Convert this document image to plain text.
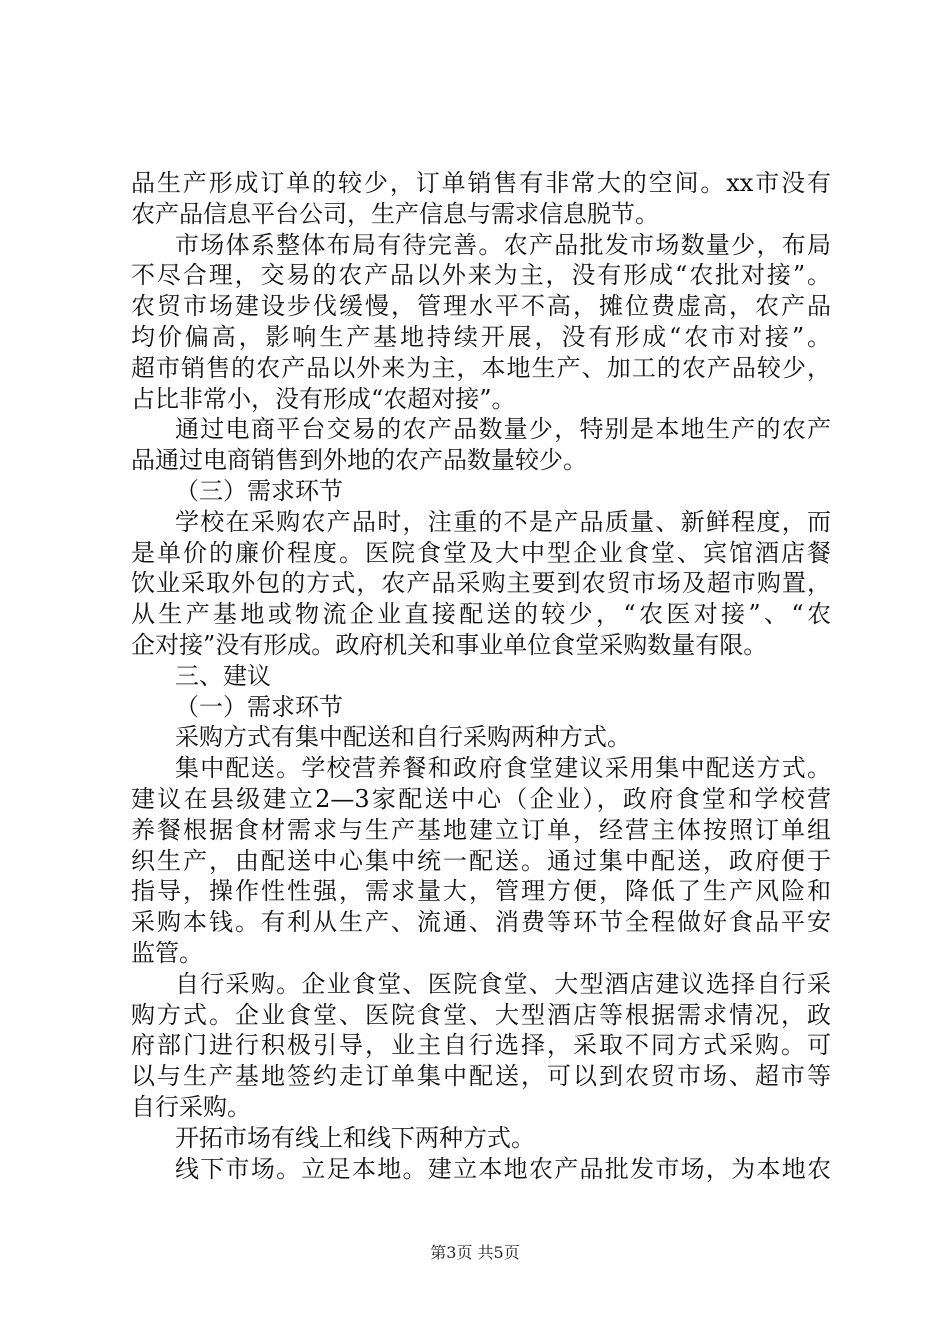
品生产形成订单的较少，订单销售有非常大的空间。xx市没有
农产品信息平台公司，生产信息与需求信息脱节。
市场体系整体布局有待完善。农产品批发市场数量少，布局
不尽合理，交易的农产品以外来为主，没有形成“农批对接”。
农贸市场建设步伐缓慢，管理水平不高，摊位费虚高，农产品
均价偏高，影响生产基地持续开展，没有形成“农市对接”。
超市销售的农产品以外来为主，本地生产、加工的农产品较少，
占比非常小，没有形成“农超对接”。
通过电商平台交易的农产品数量少，特别是本地生产的农产
品通过电商销售到外地的农产品数量较少。
（三）需求环节
学校在采购农产品时，注重的不是产品质量、新鲜程度，而
是单价的廉价程度。医院食堂及大中型企业食堂、宾馆酒店餐
饮业采取外包的方式，农产品采购主要到农贸市场及超市购置，
从生产基地或物流企业直接配送的较少，“农医对接”、“农
企对接”没有形成。政府机关和事业单位食堂采购数量有限。
三、建议
（一）需求环节
采购方式有集中配送和自行采购两种方式。
集中配送。学校营养餐和政府食堂建议采用集中配送方式。
建议在县级建立2—3家配送中心（企业），政府食堂和学校营
养餐根据食材需求与生产基地建立订单，经营主体按照订单组
织生产，由配送中心集中统一配送。通过集中配送，政府便于
指导，操作性性强，需求量大，管理方便，降低了生产风险和
采购本钱。有利从生产、流通、消费等环节全程做好食品平安
监管。
自行采购。企业食堂、医院食堂、大型酒店建议选择自行采
购方式。企业食堂、医院食堂、大型酒店等根据需求情况，政
府部门进行积极引导，业主自行选择，采取不同方式采购。可
以与生产基地签约走订单集中配送，可以到农贸市场、超市等
自行采购。
开拓市场有线上和线下两种方式。
线下市场。立足本地。建立本地农产品批发市场，为本地农
第3页 共5页
